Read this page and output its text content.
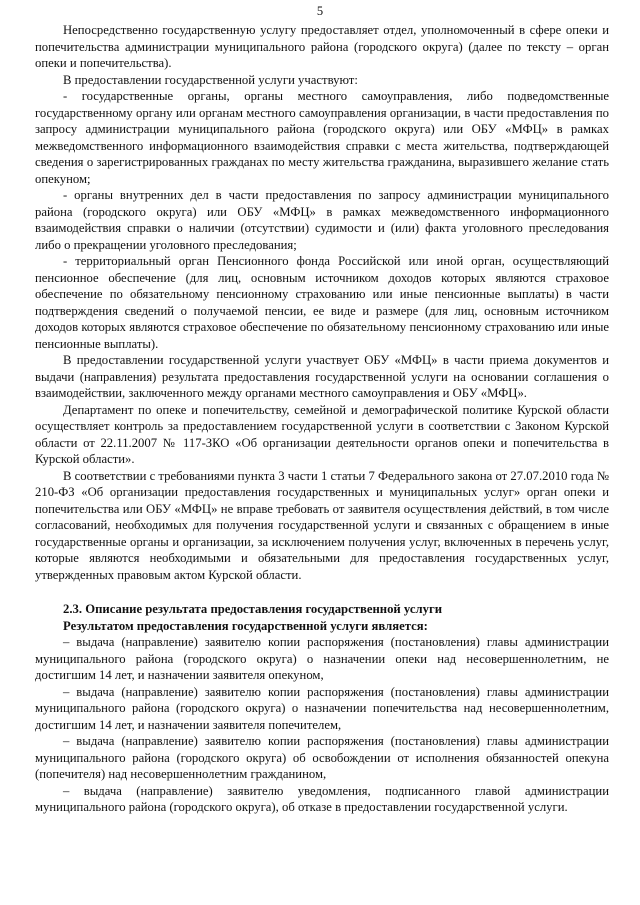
5

Непосредственно государственную услугу предоставляет отдел, уполномоченный в сфере опеки и попечительства администрации муниципального района (городского округа) (далее по тексту – орган опеки и попечительства).

В предоставлении государственной услуги участвуют:

- государственные органы, органы местного самоуправления, либо подведомственные государственному органу или органам местного самоуправления организации, в части предоставления по запросу администрации муниципального района (городского округа) или ОБУ «МФЦ» в рамках межведомственного информационного взаимодействия справки с места жительства, подтверждающей сведения о зарегистрированных гражданах по месту жительства гражданина, выразившего желание стать опекуном;

- органы внутренних дел в части предоставления по запросу администрации муниципального района (городского округа) или ОБУ «МФЦ» в рамках межведомственного информационного взаимодействия справки о наличии (отсутствии) судимости и (или) факта уголовного преследования либо о прекращении уголовного преследования;

- территориальный орган Пенсионного фонда Российской или иной орган, осуществляющий пенсионное обеспечение (для лиц, основным источником доходов которых являются страховое обеспечение по обязательному пенсионному страхованию или иные пенсионные выплаты) в части подтверждения сведений о получаемой пенсии, ее виде и размере (для лиц, основным источником доходов которых являются страховое обеспечение по обязательному пенсионному страхованию или иные пенсионные выплаты).

В предоставлении государственной услуги участвует ОБУ «МФЦ» в части приема документов и выдачи (направления) результата предоставления государственной услуги на основании соглашения о взаимодействии, заключенного между органами местного самоуправления и ОБУ «МФЦ».

Департамент по опеке и попечительству, семейной и демографической политике Курской области осуществляет контроль за предоставлением государственной услуги в соответствии с Законом Курской области от 22.11.2007 № 117-ЗКО «Об организации деятельности органов опеки и попечительства в Курской области».

В соответствии с требованиями пункта 3 части 1 статьи 7 Федерального закона от 27.07.2010 года № 210-ФЗ «Об организации предоставления государственных и муниципальных услуг» орган опеки и попечительства или ОБУ «МФЦ» не вправе требовать от заявителя осуществления действий, в том числе согласований, необходимых для получения государственной услуги и связанных с обращением в иные государственные органы и организации, за исключением получения услуг, включенных в перечень услуг, которые являются необходимыми и обязательными для предоставления государственных услуг, утвержденных правовым актом Курской области.

2.3. Описание результата предоставления государственной услуги

Результатом предоставления государственной услуги является:

– выдача (направление) заявителю копии распоряжения (постановления) главы администрации муниципального района (городского округа) о назначении опеки над несовершеннолетним, не достигшим 14 лет, и назначении заявителя опекуном,

– выдача (направление) заявителю копии распоряжения (постановления) главы администрации муниципального района (городского округа) о назначении попечительства над несовершеннолетним, достигшим 14 лет, и назначении заявителя попечителем,

– выдача (направление) заявителю копии распоряжения (постановления) главы администрации муниципального района (городского округа) об освобождении от исполнения обязанностей опекуна (попечителя) над несовершеннолетним гражданином,

– выдача (направление) заявителю уведомления, подписанного главой администрации муниципального района (городского округа), об отказе в предоставлении государственной услуги.
